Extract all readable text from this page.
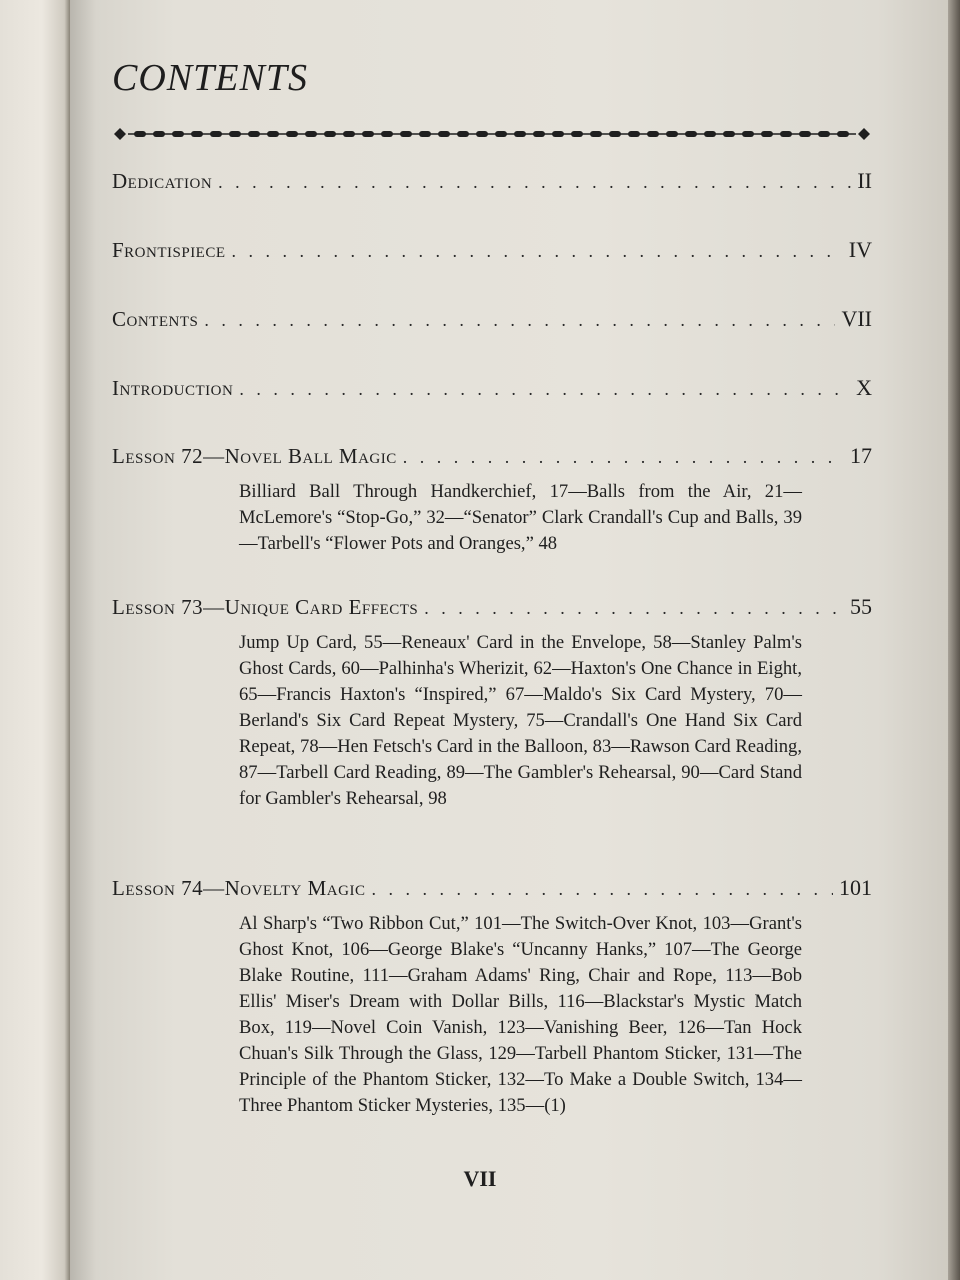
CONTENTS
Dedication . . .	II
Frontispiece . . .	IV
Contents . . .	VII
Introduction . . .	X
Lesson 72—Novel Ball Magic . . .	17

Billiard Ball Through Handkerchief, 17—Balls from the Air, 21—McLemore's “Stop-Go,” 32—“Senator” Clark Crandall's Cup and Balls, 39—Tarbell's “Flower Pots and Oranges,” 48

Lesson 73—Unique Card Effects . . .	55

Jump Up Card, 55—Reneaux' Card in the Envelope, 58—Stanley Palm's Ghost Cards, 60—Palhinha's Wherizit, 62—Haxton's One Chance in Eight, 65—Francis Haxton's “Inspired,” 67—Maldo's Six Card Mystery, 70—Berland's Six Card Repeat Mystery, 75—Crandall's One Hand Six Card Repeat, 78—Hen Fetsch's Card in the Balloon, 83—Rawson Card Reading, 87—Tarbell Card Reading, 89—The Gambler's Rehearsal, 90—Card Stand for Gambler's Rehearsal, 98

Lesson 74—Novelty Magic . . .	101

Al Sharp's “Two Ribbon Cut,” 101—The Switch-Over Knot, 103—Grant's Ghost Knot, 106—George Blake's “Uncanny Hanks,” 107—The George Blake Routine, 111—Graham Adams' Ring, Chair and Rope, 113—Bob Ellis' Miser's Dream with Dollar Bills, 116—Blackstar's Mystic Match Box, 119—Novel Coin Vanish, 123—Vanishing Beer, 126—Tan Hock Chuan's Silk Through the Glass, 129—Tarbell Phantom Sticker, 131—The Principle of the Phantom Sticker, 132—To Make a Double Switch, 134—Three Phantom Sticker Mysteries, 135—(1)

VII
